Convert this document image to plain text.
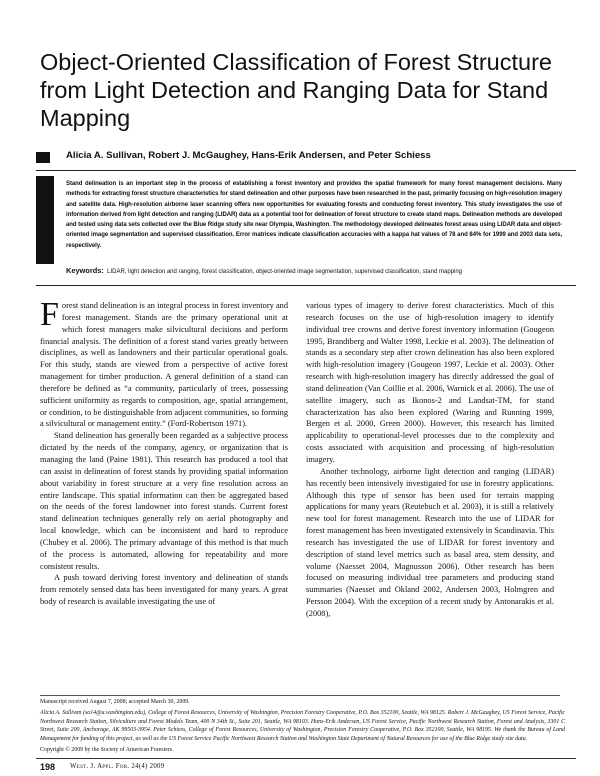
Object-Oriented Classification of Forest Structure from Light Detection and Ranging Data for Stand Mapping
Alicia A. Sullivan, Robert J. McGaughey, Hans-Erik Andersen, and Peter Schiess
ABSTRACT

Stand delineation is an important step in the process of establishing a forest inventory and provides the spatial framework for many forest management decisions. Many methods for extracting forest structure characteristics for stand delineation and other purposes have been researched in the past, primarily focusing on high-resolution imagery and satellite data. High-resolution airborne laser scanning offers new opportunities for evaluating forests and conducting forest inventory. This study investigates the use of information derived from light detection and ranging (LIDAR) data as a potential tool for delineation of forest structure to create stand maps. Delineation methods are developed and tested using data sets collected over the Blue Ridge study site near Olympia, Washington. The methodology developed delineates forest areas using LIDAR data and object-oriented image segmentation and supervised classification. Error matrices indicate classification accuracies with a kappa hat values of 78 and 84% for 1999 and 2003 data sets, respectively.

Keywords: LIDAR, light detection and ranging, forest classification, object-oriented image segmentation, supervised classification, stand mapping

Forest stand delineation is an integral process in forest inventory and forest management. Stands are the primary operational unit at which forest managers make silvicultural decisions and perform financial analysis. The definition of a forest stand varies greatly between disciplines, as well as landowners and their particular operational goals. For this study, stands are viewed from a perspective of active forest management for timber production. A general definition of a stand can therefore be defined as “a community, particularly of trees, possessing sufficient uniformity as regards to composition, age, spatial arrangement, or condition, to be distinguishable from adjacent communities, so forming a silvicultural or management entity.” (Ford-Robertson 1971).

Stand delineation has generally been regarded as a subjective process dictated by the needs of the company, agency, or organization that is managing the land (Paine 1981). This research has produced a tool that can assist in delineation of forest stands by providing spatial information about variability in forest structure at a very fine resolution across an entire landscape. This spatial information can then be aggregated based on the needs of the forest landowner into forest stands. Current forest stand delineation techniques generally rely on aerial photography and local knowledge, which can be inconsistent and hard to reproduce (Chubey et al. 2006). The primary advantage of this method is that much of the process is automated, allowing for repeatability and more consistent results.

A push toward deriving forest inventory and delineation of stands from remotely sensed data has been investigated for many years. A great body of research is available investigating the use of

various types of imagery to derive forest characteristics. Much of this research focuses on the use of high-resolution imagery to identify individual tree crowns and derive forest inventory information (Gougeon 1995, Brandtberg and Walter 1998, Leckie et al. 2003). The delineation of stands as a secondary step after crown delineation has also been explored with high-resolution imagery (Gougeon 1997, Leckie et al. 2003). Other research with high-resolution imagery has directly addressed the goal of stand delineation (Van Coillie et al. 2006, Warnick et al. 2006). The use of satellite imagery, such as Ikonos-2 and Landsat-TM, for stand characterization has also been explored (Waring and Running 1999, Bergen et al. 2000, Green 2000). However, this research has limited applicability to operational-level processes due to the complexity and costs associated with acquisition and processing of high-resolution imagery.

Another technology, airborne light detection and ranging (LIDAR) has recently been intensively investigated for use in forestry applications. Although this type of sensor has been used for terrain mapping applications for many years (Reutebuch et al. 2003), it is still a relatively new tool for forest management. Research into the use of LIDAR for forest management has been investigated extensively in Scandinavia. This research has investigated the use of LIDAR for forest inventory and description of stand level metrics such as basal area, stem density, and volume (Naesset 2004, Magnusson 2006). Other research has been focused on measuring individual tree parameters and producing stand summaries (Naesset and Okland 2002, Andersen 2003, Holmgren and Persson 2004). With the exception of a recent study by Antonarakis et al. (2008),

Manuscript received August 7, 2008; accepted March 30, 2009.

Alicia A. Sullivan (sa14@u.washington.edu), College of Forest Resources, University of Washington, Precision Forestry Cooperative, P.O. Box 352100, Seattle, WA 98125. Robert J. McGaughey, US Forest Service, Pacific Northwest Research Station, Silviculture and Forest Models Team, 400 N 34th St., Suite 201, Seattle, WA 98103. Hans-Erik Andersen, US Forest Service, Pacific Northwest Research Station, Forest and Analysis, 3301 C Street, Suite 200, Anchorage, AK 99503-3954. Peter Schiess, College of Forest Resources, University of Washington, Precision Forestry Cooperative, P.O. Box 352100, Seattle, WA 98195. We thank the Bureau of Land Management for funding of this project, as well as the US Forest Service Pacific Northwest Research Station and Washington State Department of Natural Resources for use of the Blue Ridge study site data.

Copyright © 2009 by the Society of American Foresters.

198 West. J. Appl. For. 24(4) 2009
